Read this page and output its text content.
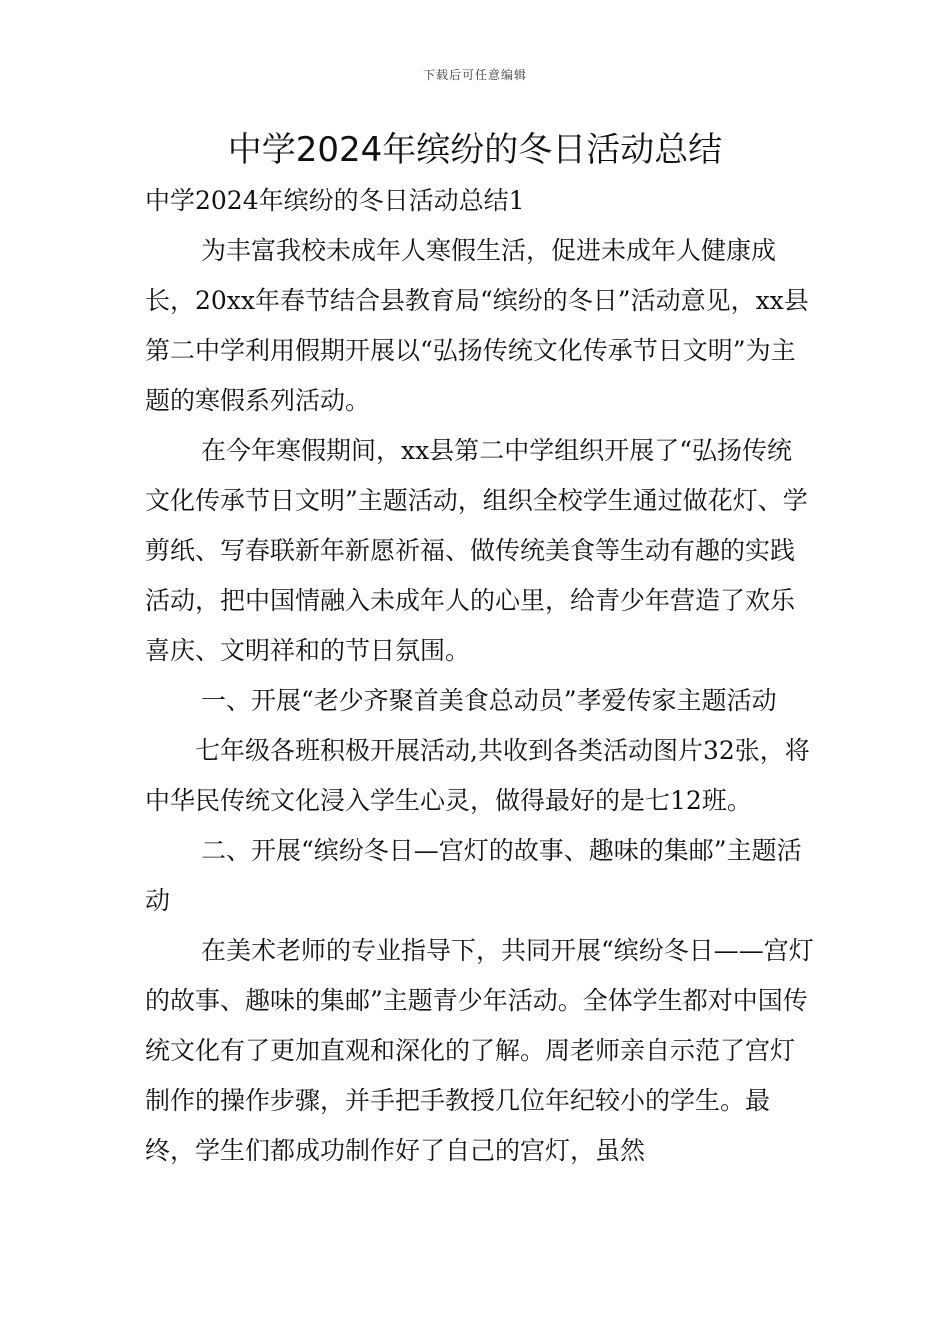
下载后可任意编辑
中学2024年缤纷的冬日活动总结

中学2024年缤纷的冬日活动总结1

为丰富我校未成年人寒假生活，促进未成年人健康成长，20xx年春节结合县教育局“缤纷的冬日”活动意见，xx县第二中学利用假期开展以“弘扬传统文化传承节日文明”为主题的寒假系列活动。

在今年寒假期间，xx县第二中学组织开展了“弘扬传统文化传承节日文明”主题活动，组织全校学生通过做花灯、学剪纸、写春联新年新愿祈福、做传统美食等生动有趣的实践活动，把中国情融入未成年人的心里，给青少年营造了欢乐喜庆、文明祥和的节日氛围。

一、开展“老少齐聚首美食总动员”孝爱传家主题活动

七年级各班积极开展活动,共收到各类活动图片32张，将中华民传统文化浸入学生心灵，做得最好的是七12班。

二、开展“缤纷冬日—宫灯的故事、趣味的集邮”主题活动

在美术老师的专业指导下，共同开展“缤纷冬日——宫灯的故事、趣味的集邮”主题青少年活动。全体学生都对中国传统文化有了更加直观和深化的了解。周老师亲自示范了宫灯制作的操作步骤，并手把手教授几位年纪较小的学生。最终，学生们都成功制作好了自己的宫灯，虽然
